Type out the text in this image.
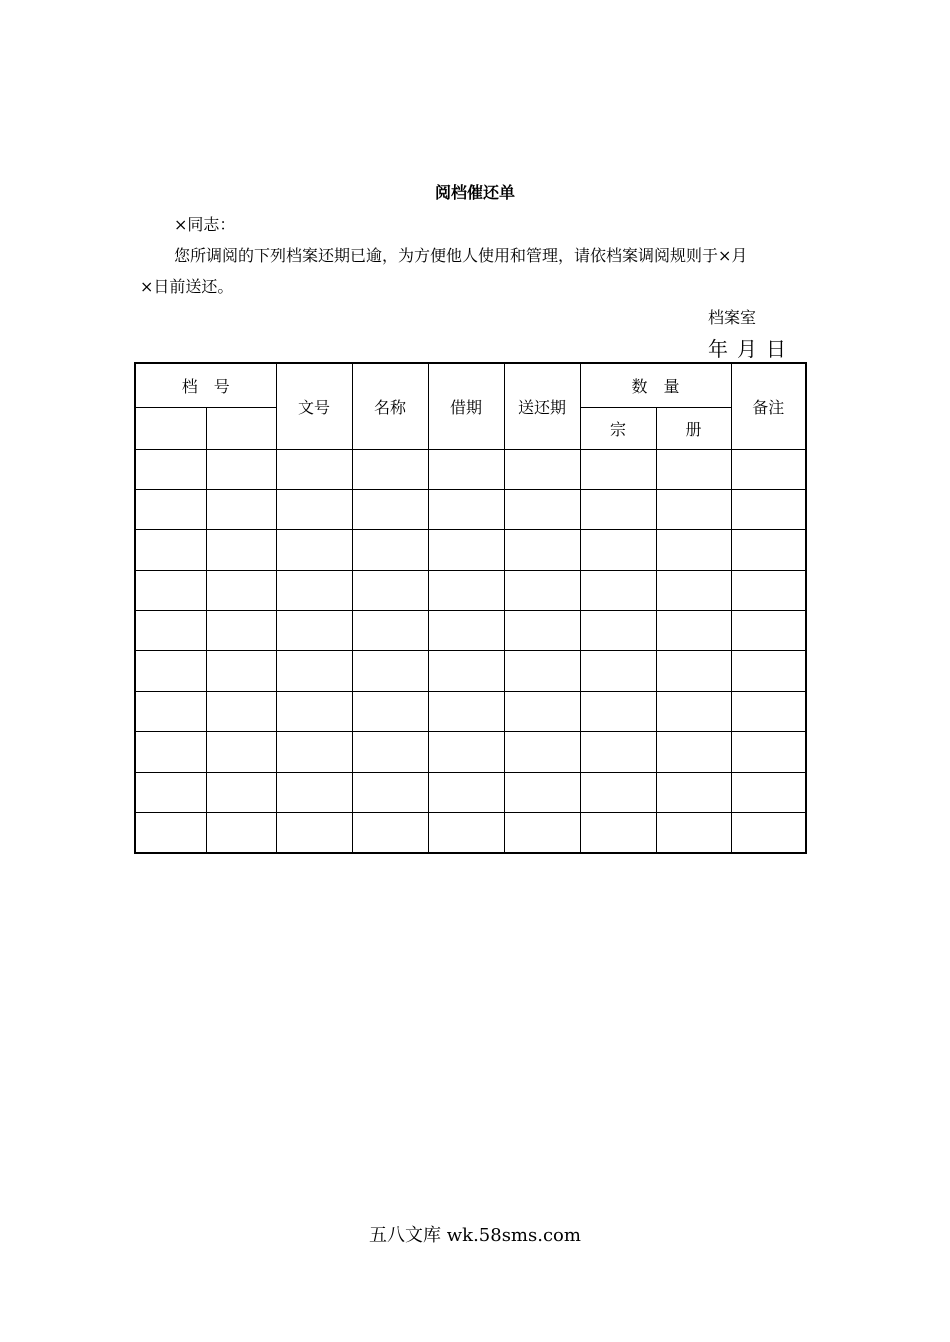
阅档催还单
×同志：
您所调阅的下列档案还期已逾，为方便他人使用和管理，请依档案调阅规则于×月
×日前送还。
档案室
年 月 日
档　号		文号	名称	借期	送还期	数　量		备注
						宗	册	

五八文库 wk.58sms.com
